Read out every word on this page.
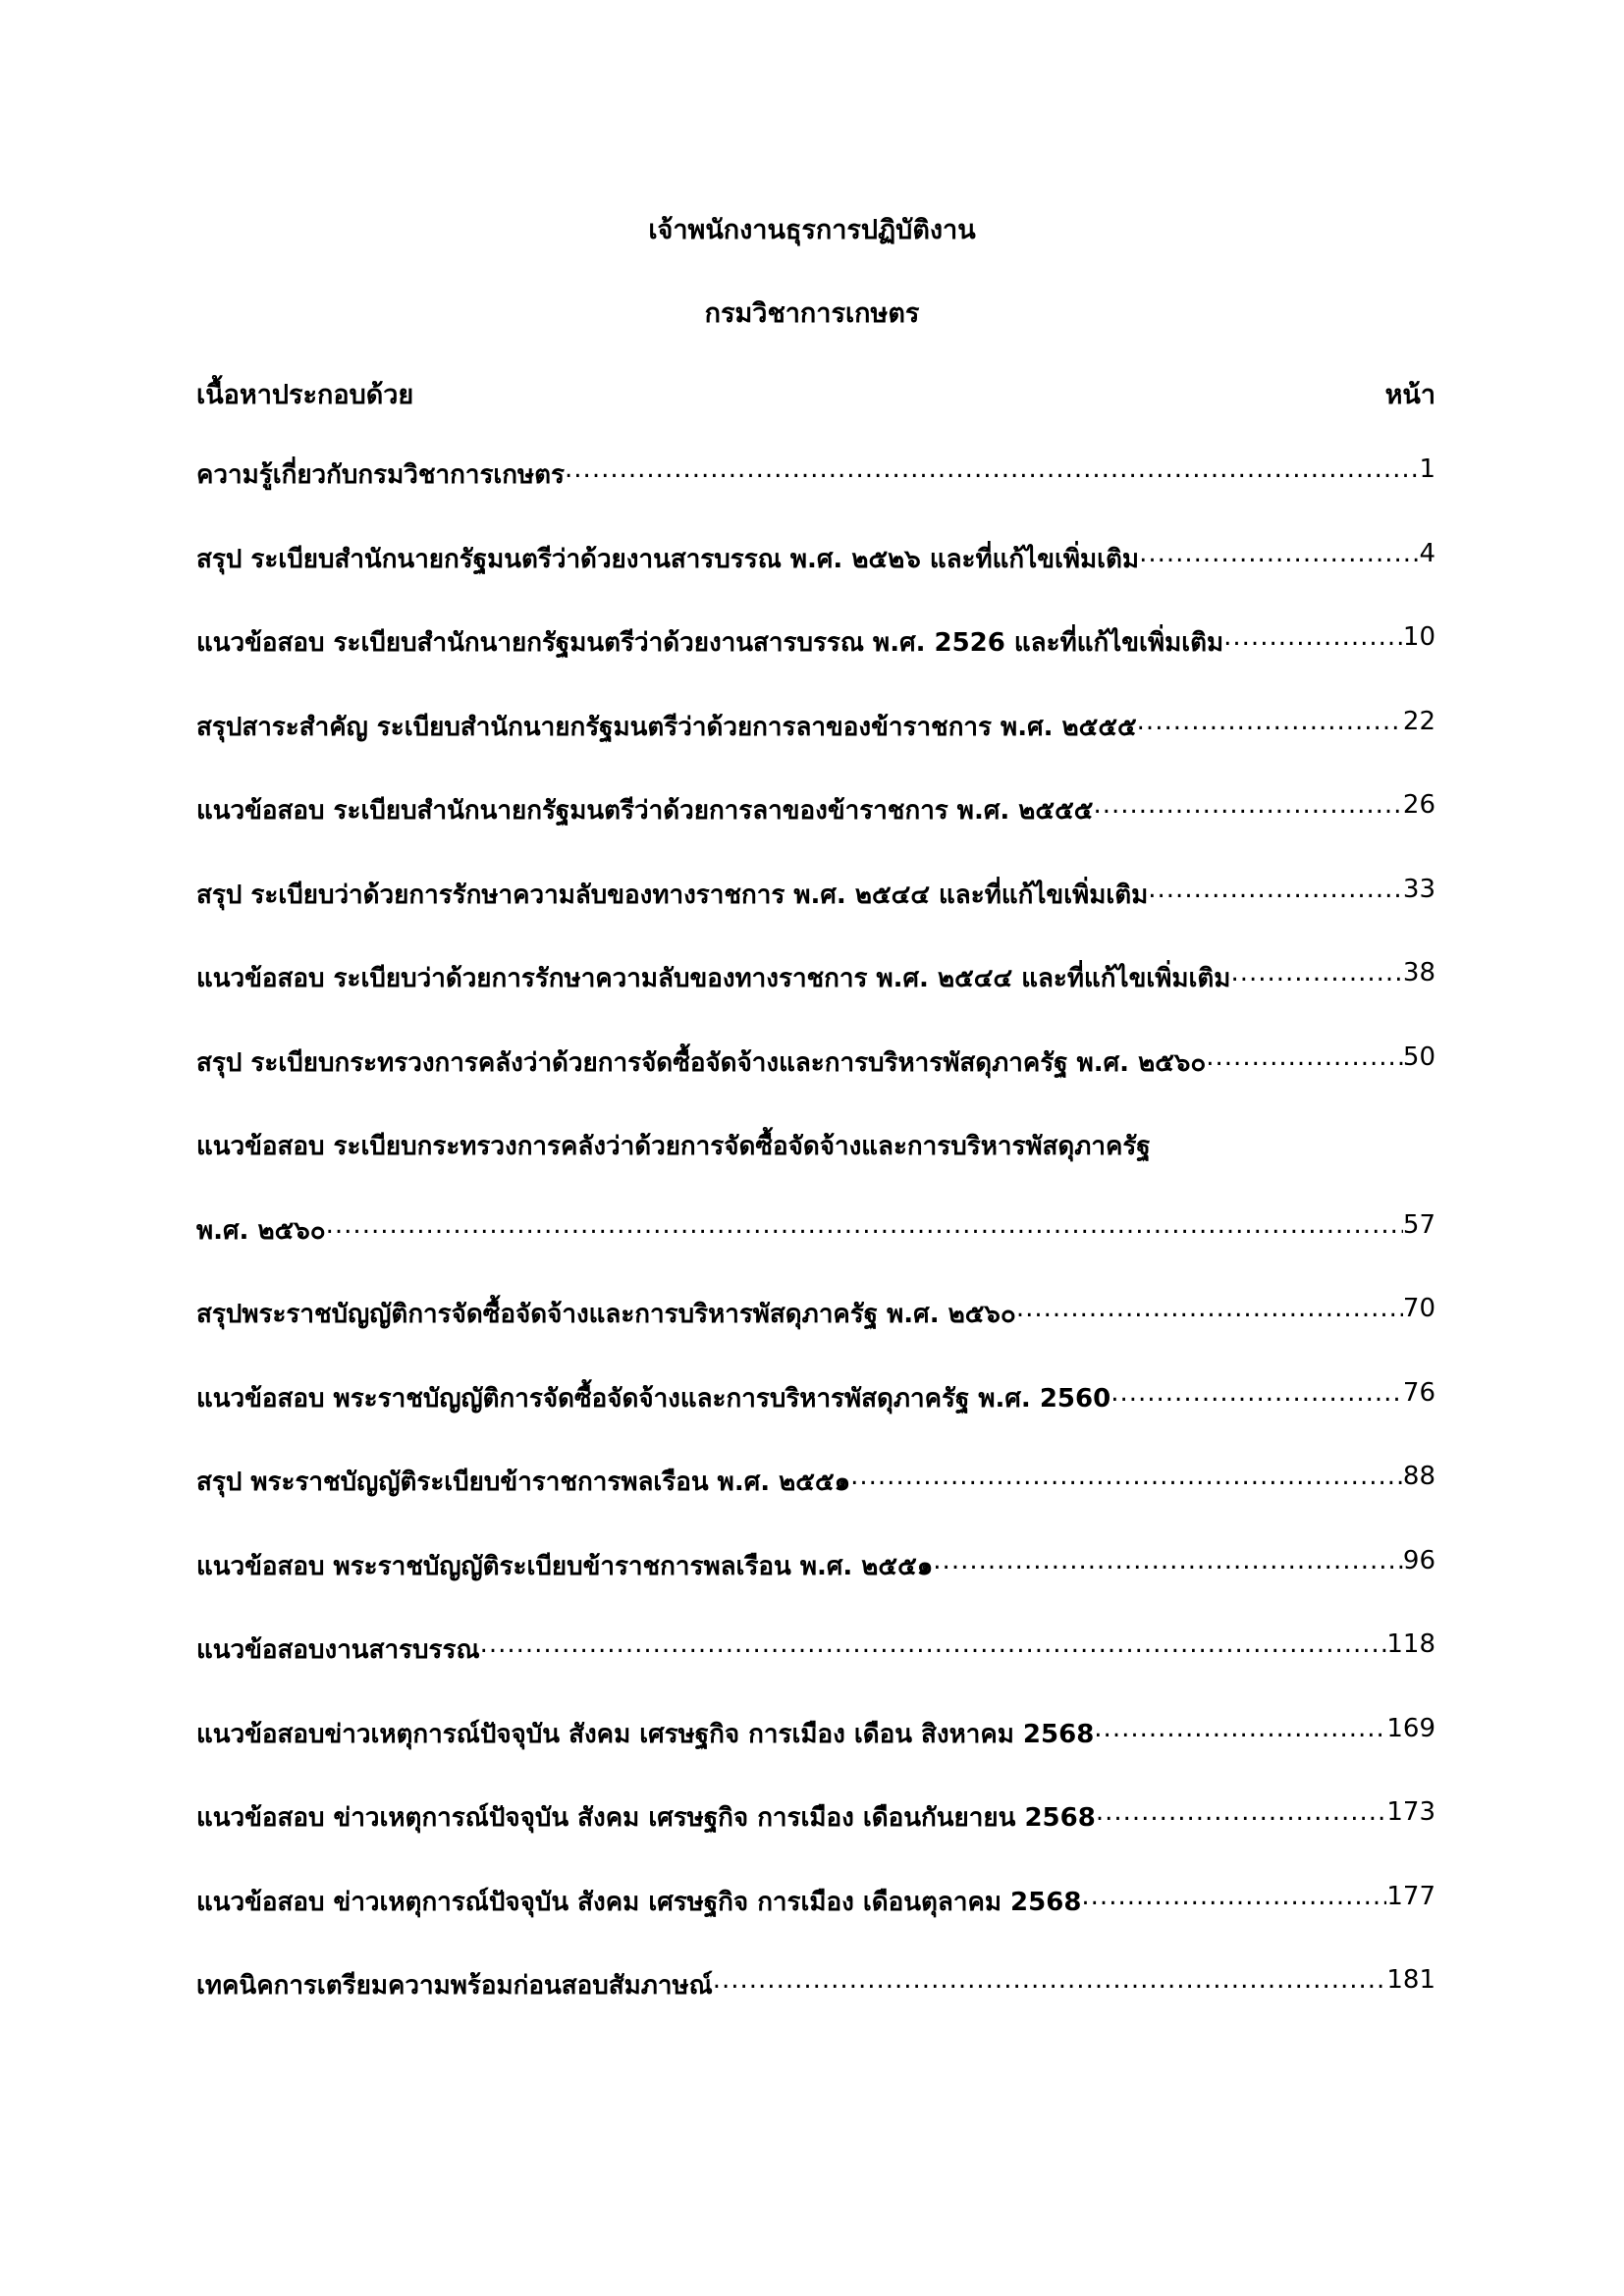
เจ้าพนักงานธุรการปฏิบัติงาน
กรมวิชาการเกษตร
เนื้อหาประกอบด้วย	หน้า
ความรู้เกี่ยวกับกรมวิชาการเกษตร .....	1
สรุป ระเบียบสำนักนายกรัฐมนตรีว่าด้วยงานสารบรรณ พ.ศ. ๒๕๒๖ และที่แก้ไขเพิ่มเติม .....	4
แนวข้อสอบ ระเบียบสำนักนายกรัฐมนตรีว่าด้วยงานสารบรรณ พ.ศ. 2526 และที่แก้ไขเพิ่มเติม .....	10
สรุปสาระสำคัญ ระเบียบสำนักนายกรัฐมนตรีว่าด้วยการลาของข้าราชการ พ.ศ. ๒๕๕๕ .....	22
แนวข้อสอบ ระเบียบสำนักนายกรัฐมนตรีว่าด้วยการลาของข้าราชการ พ.ศ. ๒๕๕๕ .....	26
สรุป ระเบียบว่าด้วยการรักษาความลับของทางราชการ พ.ศ. ๒๕๔๔ และที่แก้ไขเพิ่มเติม .....	33
แนวข้อสอบ ระเบียบว่าด้วยการรักษาความลับของทางราชการ พ.ศ. ๒๕๔๔ และที่แก้ไขเพิ่มเติม .....	38
สรุป ระเบียบกระทรวงการคลังว่าด้วยการจัดซื้อจัดจ้างและการบริหารพัสดุภาครัฐ พ.ศ. ๒๕๖๐ .....	50
แนวข้อสอบ ระเบียบกระทรวงการคลังว่าด้วยการจัดซื้อจัดจ้างและการบริหารพัสดุภาครัฐ
พ.ศ. ๒๕๖๐ .....	57
สรุปพระราชบัญญัติการจัดซื้อจัดจ้างและการบริหารพัสดุภาครัฐ พ.ศ. ๒๕๖๐ .....	70
แนวข้อสอบ พระราชบัญญัติการจัดซื้อจัดจ้างและการบริหารพัสดุภาครัฐ พ.ศ. 2560 .....	76
สรุป พระราชบัญญัติระเบียบข้าราชการพลเรือน พ.ศ. ๒๕๕๑ .....	88
แนวข้อสอบ พระราชบัญญัติระเบียบข้าราชการพลเรือน พ.ศ. ๒๕๕๑ .....	96
แนวข้อสอบงานสารบรรณ .....	118
แนวข้อสอบข่าวเหตุการณ์ปัจจุบัน สังคม เศรษฐกิจ การเมือง เดือน สิงหาคม 2568 .....	169
แนวข้อสอบ ข่าวเหตุการณ์ปัจจุบัน สังคม เศรษฐกิจ การเมือง เดือนกันยายน 2568 .....	173
แนวข้อสอบ ข่าวเหตุการณ์ปัจจุบัน สังคม เศรษฐกิจ การเมือง เดือนตุลาคม 2568 .....	177
เทคนิคการเตรียมความพร้อมก่อนสอบสัมภาษณ์ .....	181
